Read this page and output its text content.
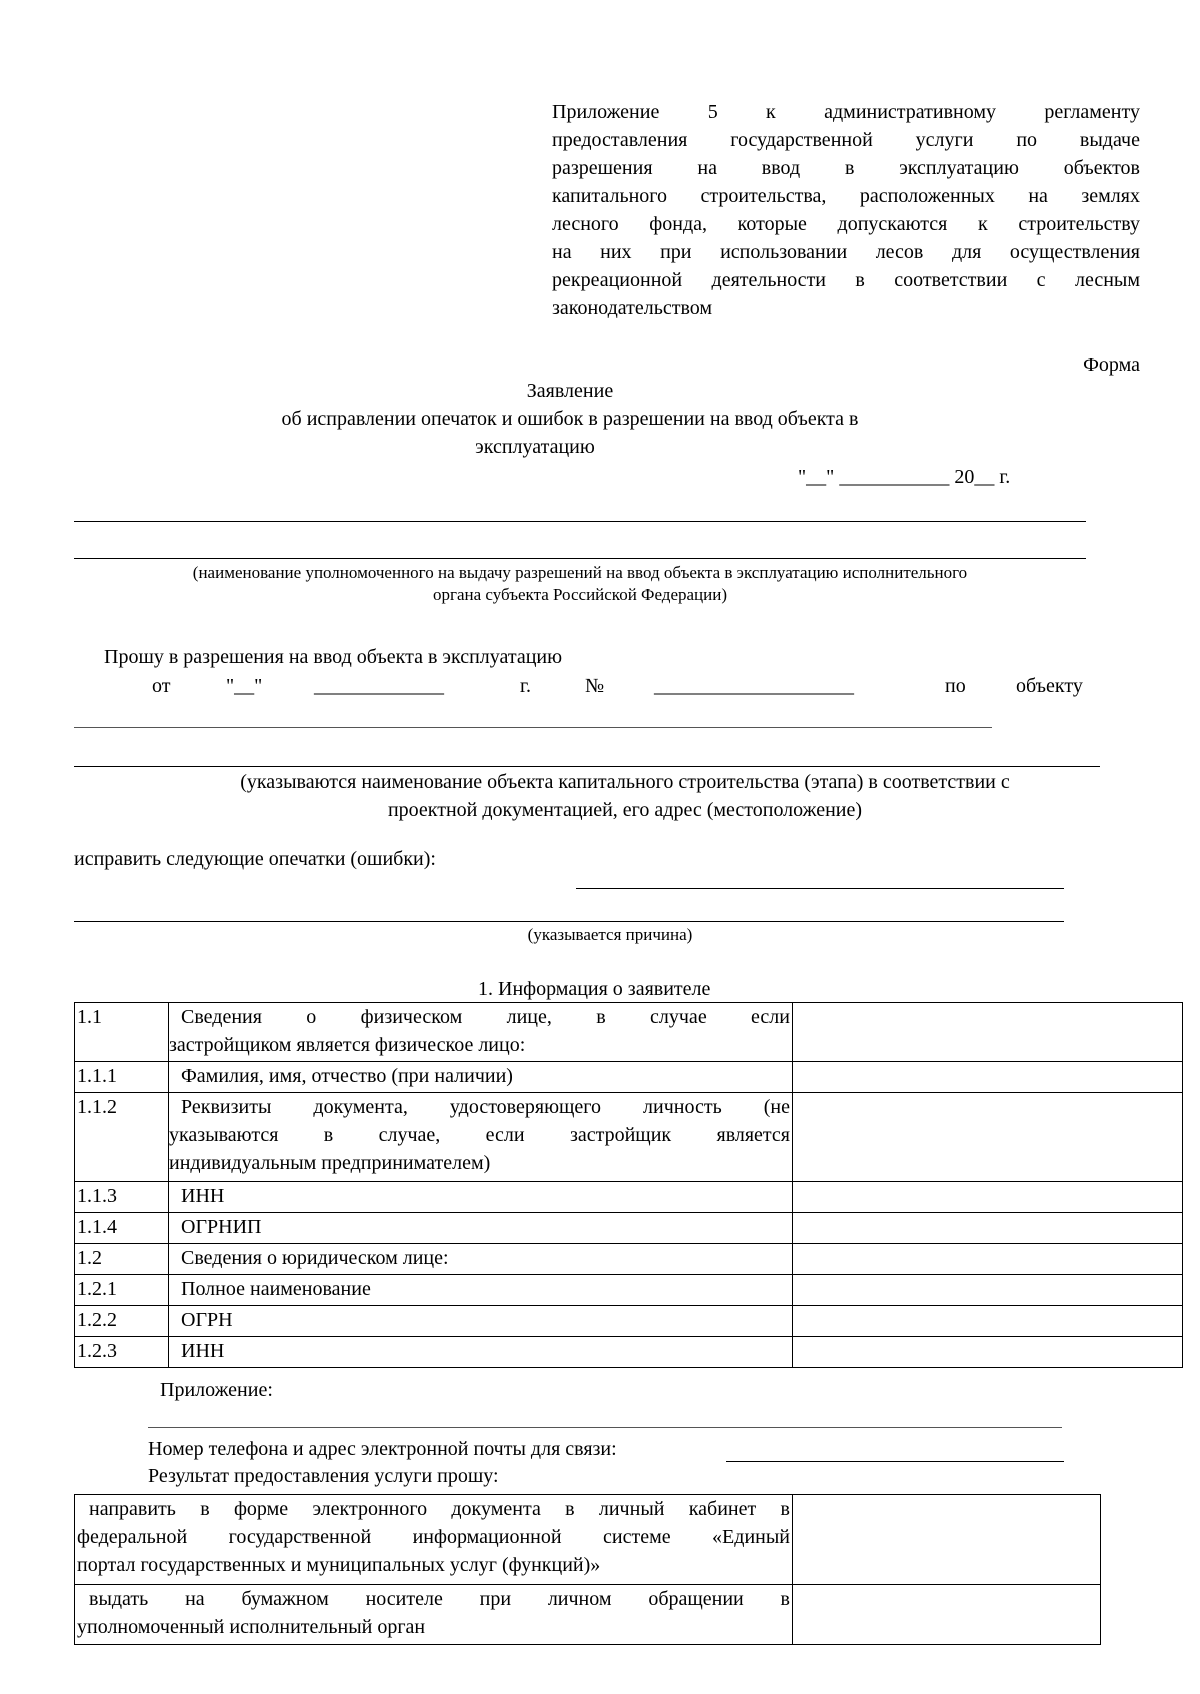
Приложение 5 к административному регламенту
предоставления государственной услуги по выдаче
разрешения на ввод в эксплуатацию объектов
капитального строительства, расположенных на землях
лесного фонда, которые допускаются к строительству
на них при использовании лесов для осуществления
рекреационной деятельности в соответствии с лесным
законодательством
Форма
Заявление
об исправлении опечаток и ошибок в разрешении на ввод объекта в
эксплуатацию
"__" ___________ 20__ г.
(наименование уполномоченного на выдачу разрешений на ввод объекта в эксплуатацию исполнительного
органа субъекта Российской Федерации)
Прошу в разрешения на ввод объекта в эксплуатацию
от	"__"	_____________	г.	№ ____________________	по	объекту
(указываются наименование объекта капитального строительства (этапа) в соответствии с
проектной документацией, его адрес (местоположение)
исправить следующие опечатки (ошибки):
(указывается причина)
1. Информация о заявителе
1.1	Сведения о физическом лице, в случае если
застройщиком является физическое лицо:	

1.1.1	Фамилия, имя, отчество (при наличии)	
1.1.2	Реквизиты документа, удостоверяющего личность (не
указываются в случае, если застройщик является
индивидуальным предпринимателем)	

1.1.3	ИНН	
1.1.4	ОГРНИП	
1.2	Сведения о юридическом лице:	
1.2.1	Полное наименование	
1.2.2	ОГРН	
1.2.3	ИНН	
Приложение:
Номер телефона и адрес электронной почты для связи:
Результат предоставления услуги прошу:
направить в форме электронного документа в личный кабинет в
федеральной государственной информационной системе «Единый
портал государственных и муниципальных услуг (функций)»	

выдать на бумажном носителе при личном обращении в
уполномоченный исполнительный орган	
